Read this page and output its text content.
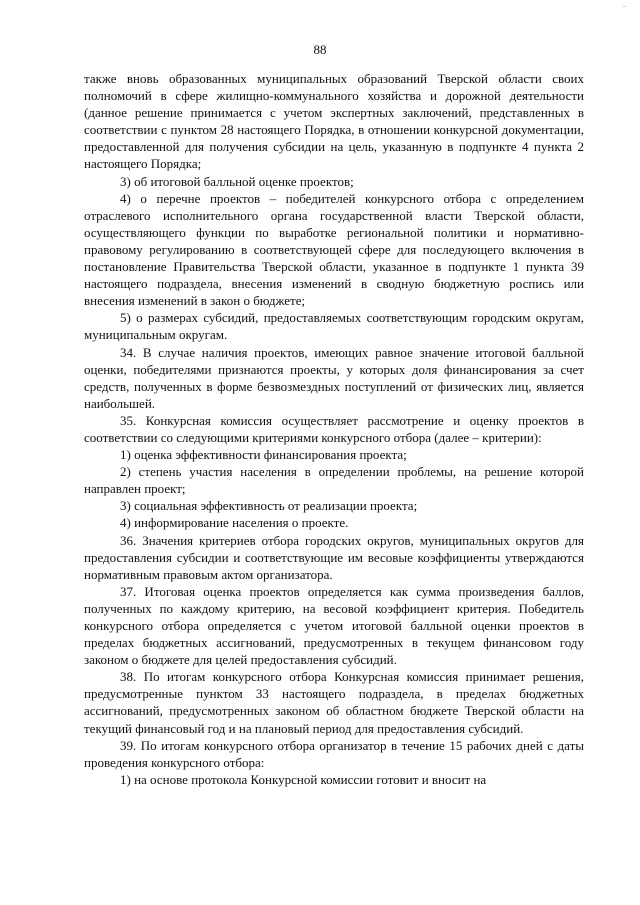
‾
88

также вновь образованных муниципальных образований Тверской области своих полномочий в сфере жилищно-коммунального хозяйства и дорожной деятельности (данное решение принимается с учетом экспертных заключений, представленных в соответствии с пунктом 28 настоящего Порядка, в отношении конкурсной документации, предоставленной для получения субсидии на цель, указанную в подпункте 4 пункта 2 настоящего Порядка;

3) об итоговой балльной оценке проектов;

4) о перечне проектов – победителей конкурсного отбора с определением отраслевого исполнительного органа государственной власти Тверской области, осуществляющего функции по выработке региональной политики и нормативно-правовому регулированию в соответствующей сфере для последующего включения в постановление Правительства Тверской области, указанное в подпункте 1 пункта 39 настоящего подраздела, внесения изменений в сводную бюджетную роспись или внесения изменений в закон о бюджете;

5) о размерах субсидий, предоставляемых соответствующим городским округам, муниципальным округам.

34. В случае наличия проектов, имеющих равное значение итоговой балльной оценки, победителями признаются проекты, у которых доля финансирования за счет средств, полученных в форме безвозмездных поступлений от физических лиц, является наибольшей.

35. Конкурсная комиссия осуществляет рассмотрение и оценку проектов в соответствии со следующими критериями конкурсного отбора (далее – критерии):

1) оценка эффективности финансирования проекта;

2) степень участия населения в определении проблемы, на решение которой направлен проект;

3) социальная эффективность от реализации проекта;

4) информирование населения о проекте.

36. Значения критериев отбора городских округов, муниципальных округов для предоставления субсидии и соответствующие им весовые коэффициенты утверждаются нормативным правовым актом организатора.

37. Итоговая оценка проектов определяется как сумма произведения баллов, полученных по каждому критерию, на весовой коэффициент критерия. Победитель конкурсного отбора определяется с учетом итоговой балльной оценки проектов в пределах бюджетных ассигнований, предусмотренных в текущем финансовом году законом о бюджете для целей предоставления субсидий.

38. По итогам конкурсного отбора Конкурсная комиссия принимает решения, предусмотренные пунктом 33 настоящего подраздела, в пределах бюджетных ассигнований, предусмотренных законом об областном бюджете Тверской области на текущий финансовый год и на плановый период для предоставления субсидий.

39. По итогам конкурсного отбора организатор в течение 15 рабочих дней с даты проведения конкурсного отбора:

1) на основе протокола Конкурсной комиссии готовит и вносит на
